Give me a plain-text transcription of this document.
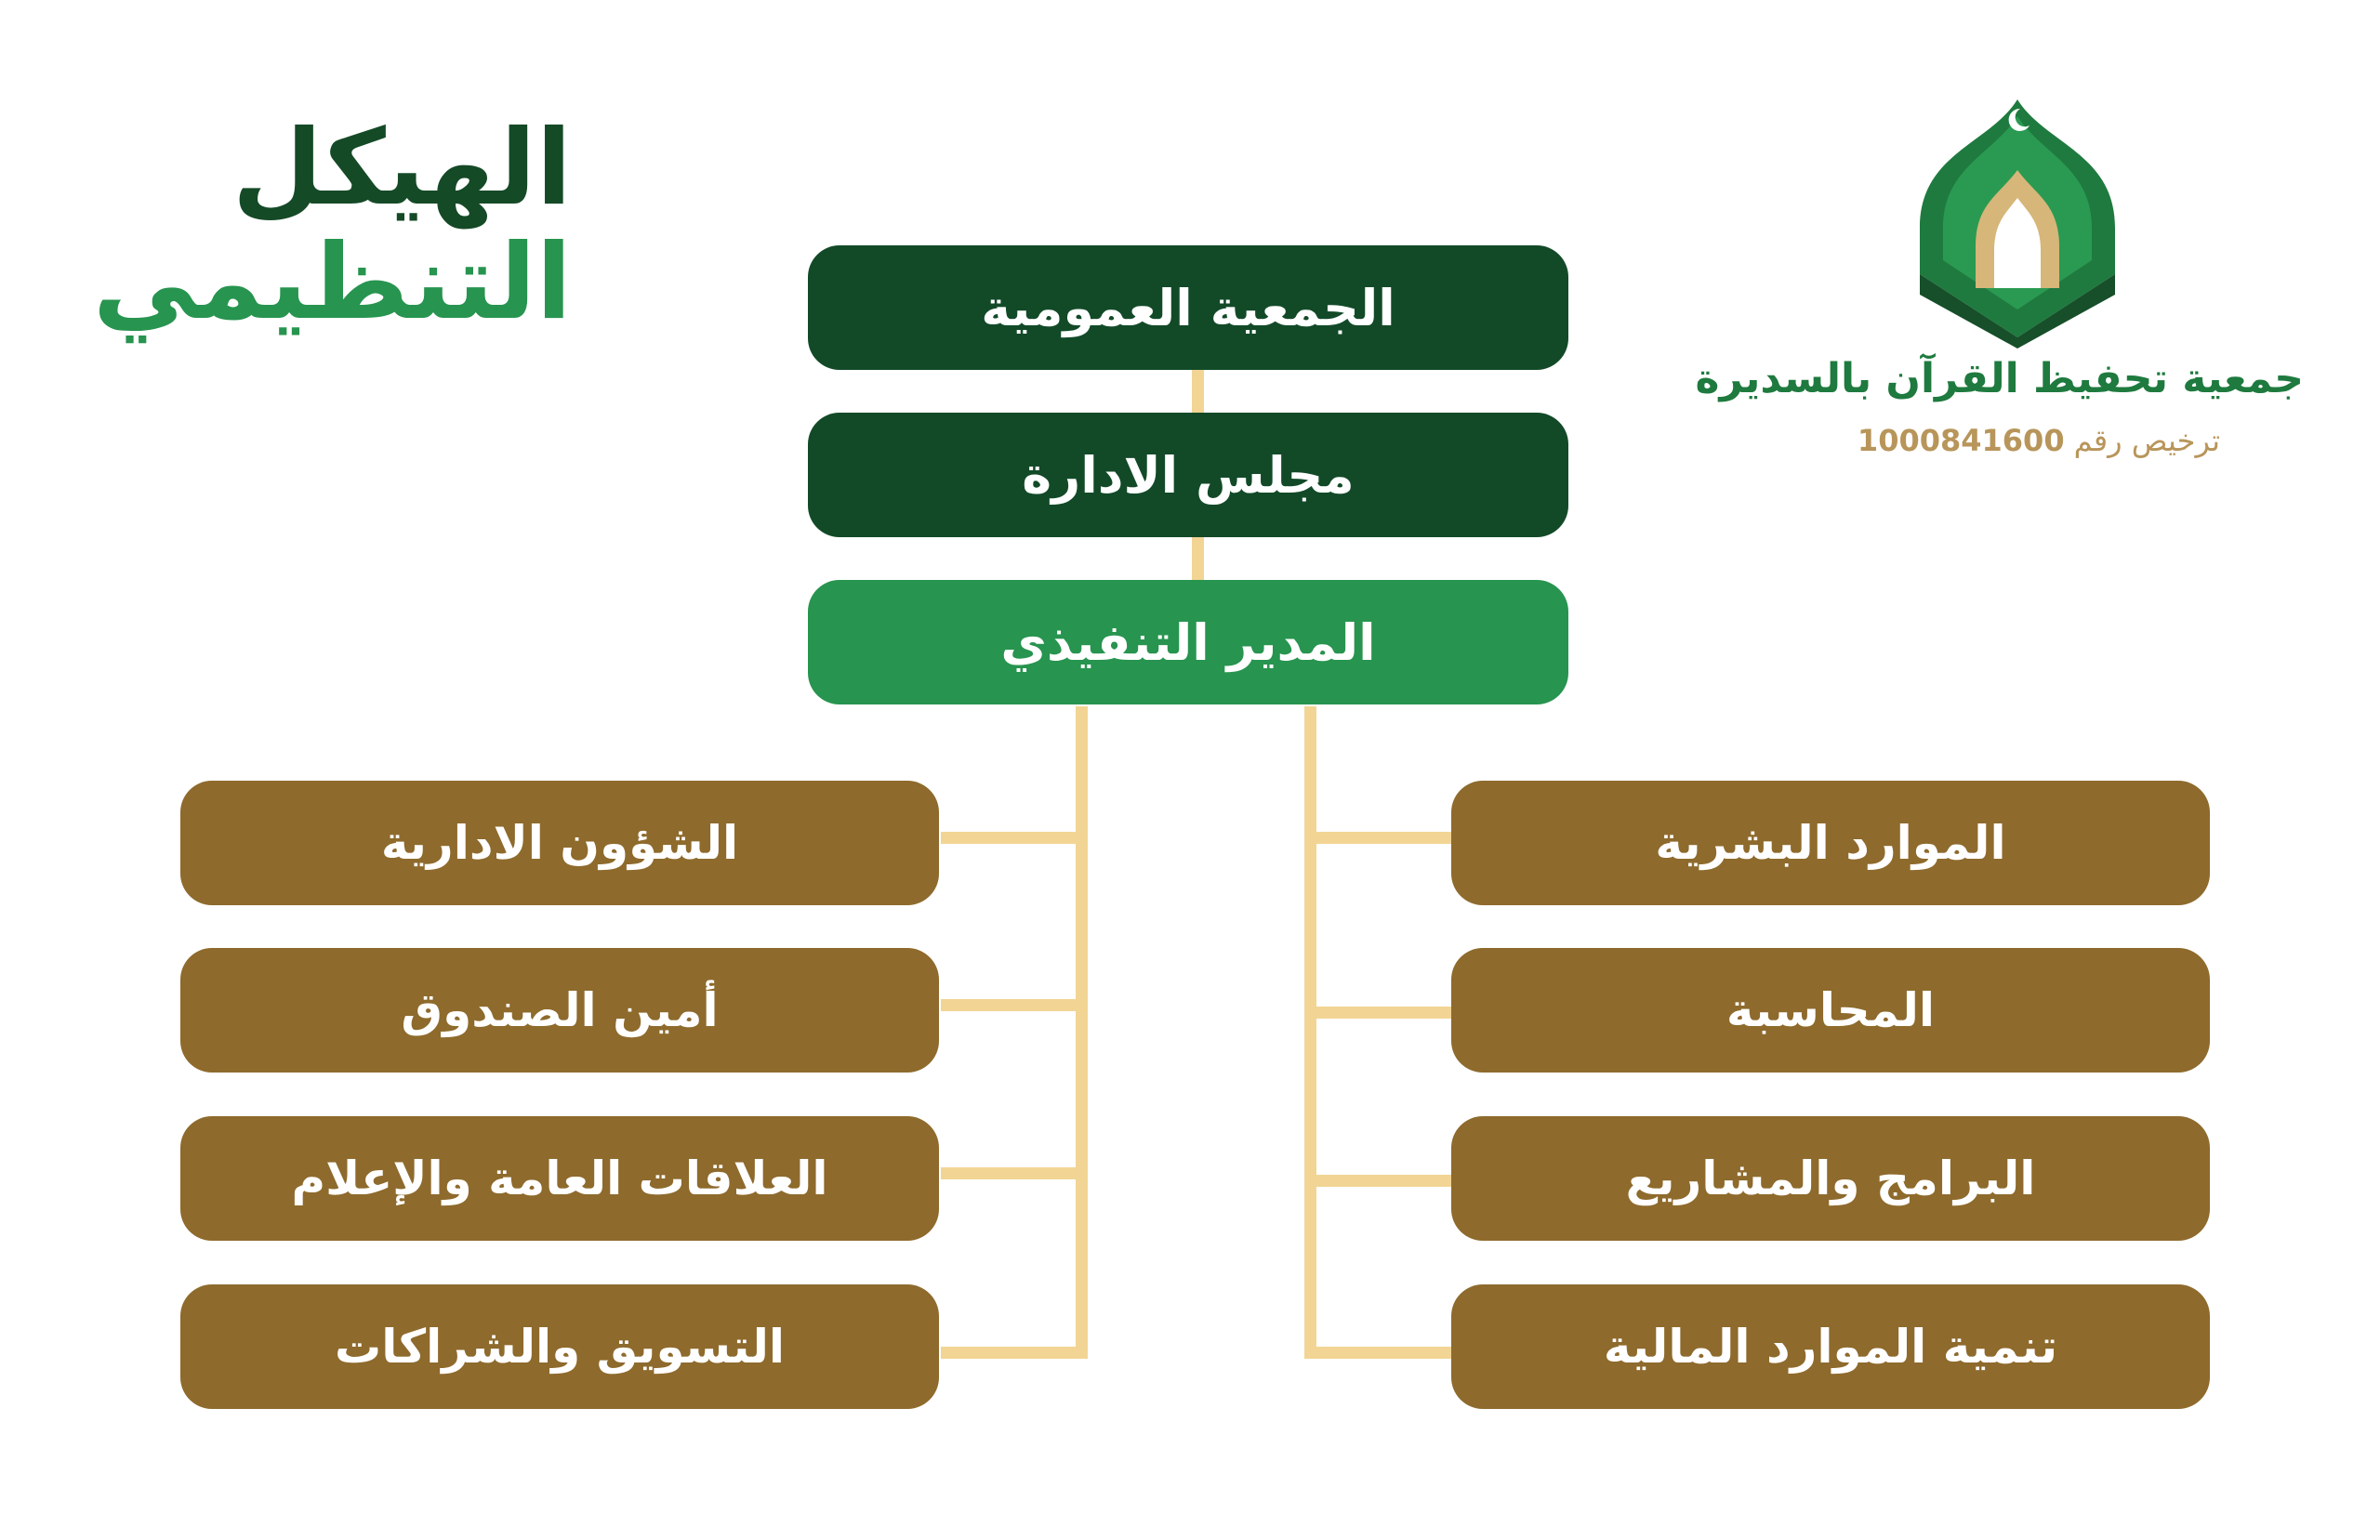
الهيكل
التنظيمي

جمعية تحفيظ القرآن بالسديرة

ترخيص رقم1000841600

الجمعية العمومية
مجلس الادارة
المدير التنفيذي
الشؤون الادارية
أمين الصندوق
العلاقات العامة والإعلام
التسويق والشراكات
الموارد البشرية
المحاسبة
البرامج والمشاريع
تنمية الموارد المالية
